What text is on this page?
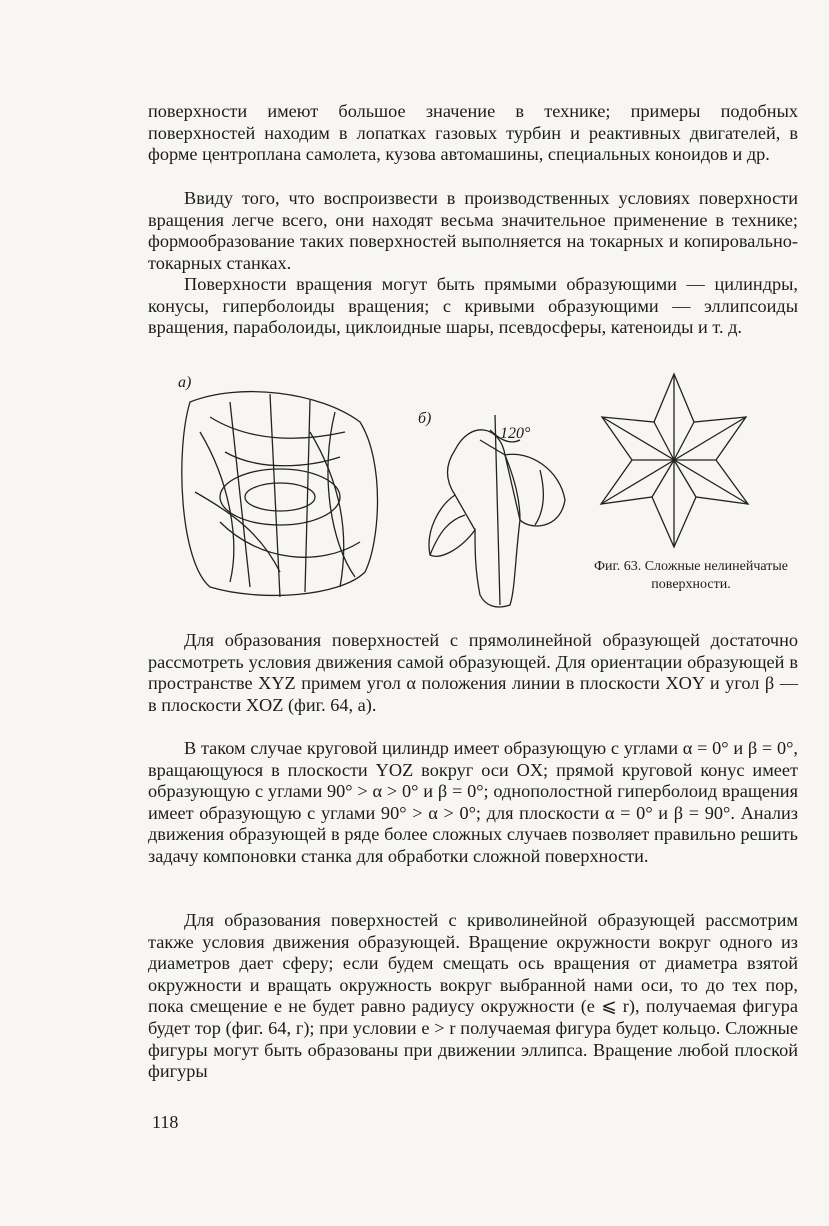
поверхности имеют большое значение в технике; примеры подобных поверхностей находим в лопатках газовых турбин и реактивных двигателей, в форме центроплана самолета, кузова автомашины, специальных коноидов и др.

Ввиду того, что воспроизвести в производственных условиях поверхности вращения легче всего, они находят весьма значительное применение в технике; формообразование таких поверхностей выполняется на токарных и копировально-токарных станках.

Поверхности вращения могут быть прямыми образующими — цилиндры, конусы, гиперболоиды вращения; с кривыми образующими — эллипсоиды вращения, параболоиды, циклоидные шары, псевдосферы, катеноиды и т. д.

а)
б)
120°

Фиг. 63. Сложные нелинейчатые поверхности.

Для образования поверхностей с прямолинейной образующей достаточно рассмотреть условия движения самой образующей. Для ориентации образующей в пространстве XYZ примем угол α положения линии в плоскости XOY и угол β — в плоскости XOZ (фиг. 64, а).

В таком случае круговой цилиндр имеет образующую с углами α = 0° и β = 0°, вращающуюся в плоскости YOZ вокруг оси OX; прямой круговой конус имеет образующую с углами 90° > α > 0° и β = 0°; однополостной гиперболоид вращения имеет образующую с углами 90° > α > 0°; для плоскости α = 0° и β = 90°. Анализ движения образующей в ряде более сложных случаев позволяет правильно решить задачу компоновки станка для обработки сложной поверхности.

Для образования поверхностей с криволинейной образующей рассмотрим также условия движения образующей. Вращение окружности вокруг одного из диаметров дает сферу; если будем смещать ось вращения от диаметра взятой окружности и вращать окружность вокруг выбранной нами оси, то до тех пор, пока смещение e не будет равно радиусу окружности (e ⩽ r), получаемая фигура будет тор (фиг. 64, г); при условии e > r получаемая фигура будет кольцо. Сложные фигуры могут быть образованы при движении эллипса. Вращение любой плоской фигуры

118
